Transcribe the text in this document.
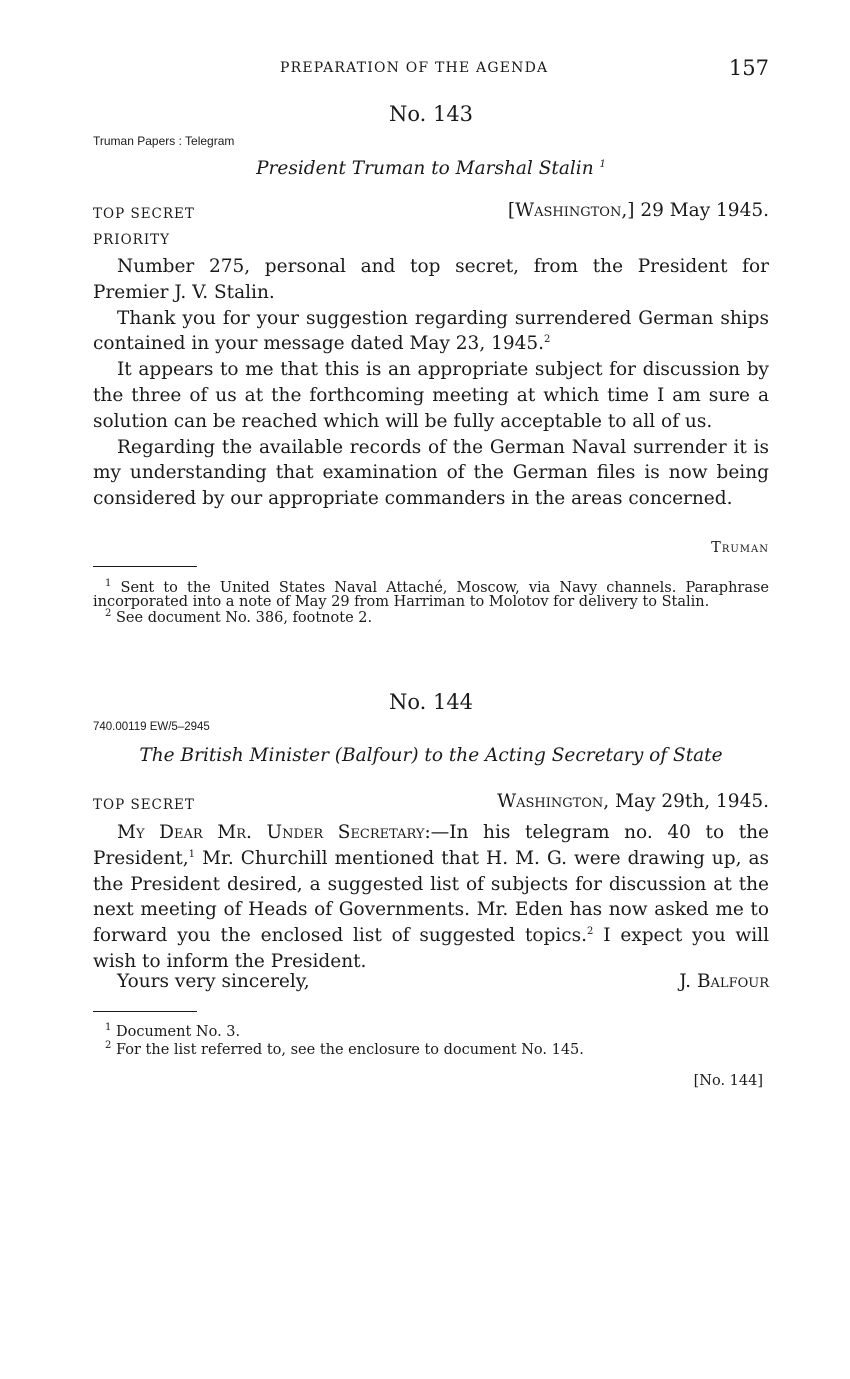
PREPARATION OF THE AGENDA	157
No. 143
Truman Papers : Telegram
President Truman to Marshal Stalin $^1$
TOP SECRET	[Washington,] 29 May 1945.
PRIORITY

Number 275, personal and top secret, from the President for Premier J. V. Stalin.

Thank you for your suggestion regarding surrendered German ships contained in your message dated May 23, 1945.$^2$

It appears to me that this is an appropriate subject for discussion by the three of us at the forthcoming meeting at which time I am sure a solution can be reached which will be fully acceptable to all of us.

Regarding the available records of the German Naval surrender it is my understanding that examination of the German files is now being considered by our appropriate commanders in the areas concerned.

Truman

$^1$ Sent to the United States Naval Attaché, Moscow, via Navy channels. Paraphrase incorporated into a note of May 29 from Harriman to Molotov for delivery to Stalin.

$^2$ See document No. 386, footnote 2.

No. 144
740.00119 EW/5–2945
The British Minister (Balfour) to the Acting Secretary of State
TOP SECRET	Washington, May 29th, 1945.

My Dear Mr. Under Secretary:—In his telegram no. 40 to the President,$^1$ Mr. Churchill mentioned that H. M. G. were drawing up, as the President desired, a suggested list of subjects for discussion at the next meeting of Heads of Governments. Mr. Eden has now asked me to forward you the enclosed list of suggested topics.$^2$ I expect you will wish to inform the President.

Yours very sincerely,	J. Balfour

$^1$ Document No. 3.

$^2$ For the list referred to, see the enclosure to document No. 145.

[No. 144]
